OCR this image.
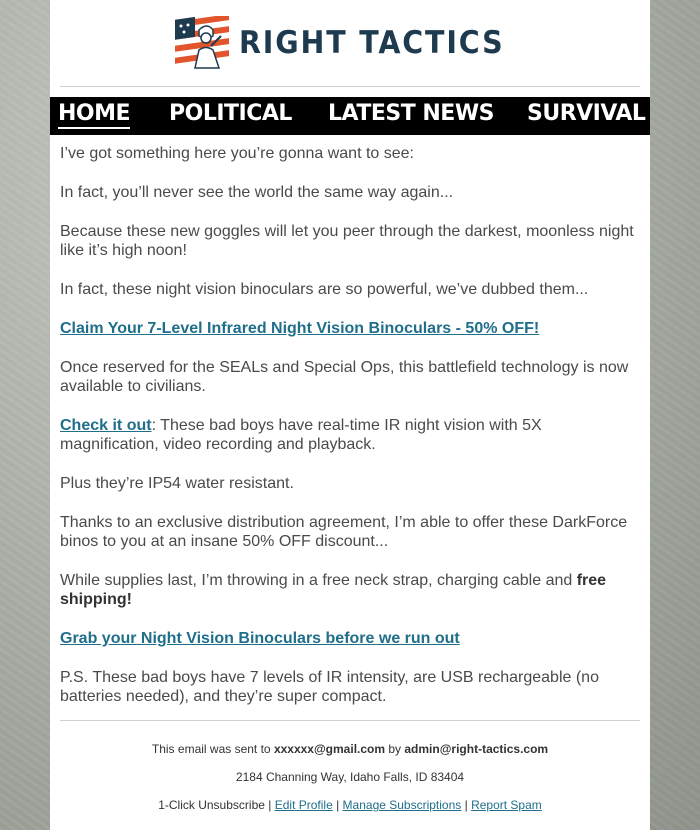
RIGHT TACTICS
HOME POLITICAL LATEST NEWS SURVIVAL

I’ve got something here you’re gonna want to see:

In fact, you’ll never see the world the same way again...

Because these new goggles will let you peer through the darkest, moonless night like it’s high noon!

In fact, these night vision binoculars are so powerful, we’ve dubbed them...

Claim Your 7-Level Infrared Night Vision Binoculars - 50% OFF!

Once reserved for the SEALs and Special Ops, this battlefield technology is now available to civilians.

Check it out: These bad boys have real-time IR night vision with 5X magnification, video recording and playback.

Plus they’re IP54 water resistant.

Thanks to an exclusive distribution agreement, I’m able to offer these DarkForce binos to you at an insane 50% OFF discount...

While supplies last, I’m throwing in a free neck strap, charging cable and free shipping!

Grab your Night Vision Binoculars before we run out

P.S. These bad boys have 7 levels of IR intensity, are USB rechargeable (no batteries needed), and they’re super compact.

This email was sent to xxxxxx@gmail.com by admin@right-tactics.com
2184 Channing Way, Idaho Falls, ID 83404
1-Click Unsubscribe | Edit Profile | Manage Subscriptions | Report Spam
